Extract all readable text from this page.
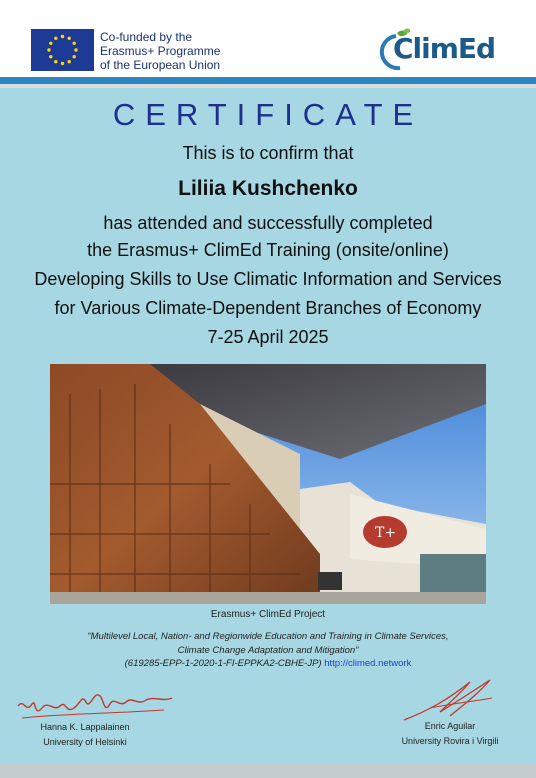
Co-funded by the
Erasmus+ Programme
of the European Union	ClimEd
CERTIFICATE
This is to confirm that
Liliia Kushchenko
has attended and successfully completed
the Erasmus+ ClimEd Training (onsite/online)
Developing Skills to Use Climatic Information and Services
for Various Climate-Dependent Branches of Economy
7-25 April 2025
T+
Erasmus+ ClimEd Project
“Multilevel Local, Nation- and Regionwide Education and Training in Climate Services,
Climate Change Adaptation and Mitigation”
(619285-EPP-1-2020-1-FI-EPPKA2-CBHE-JP) http://climed.network
Hanna K. Lappalainen
University of Helsinki
Enric Aguilar
University Rovira i Virgili
